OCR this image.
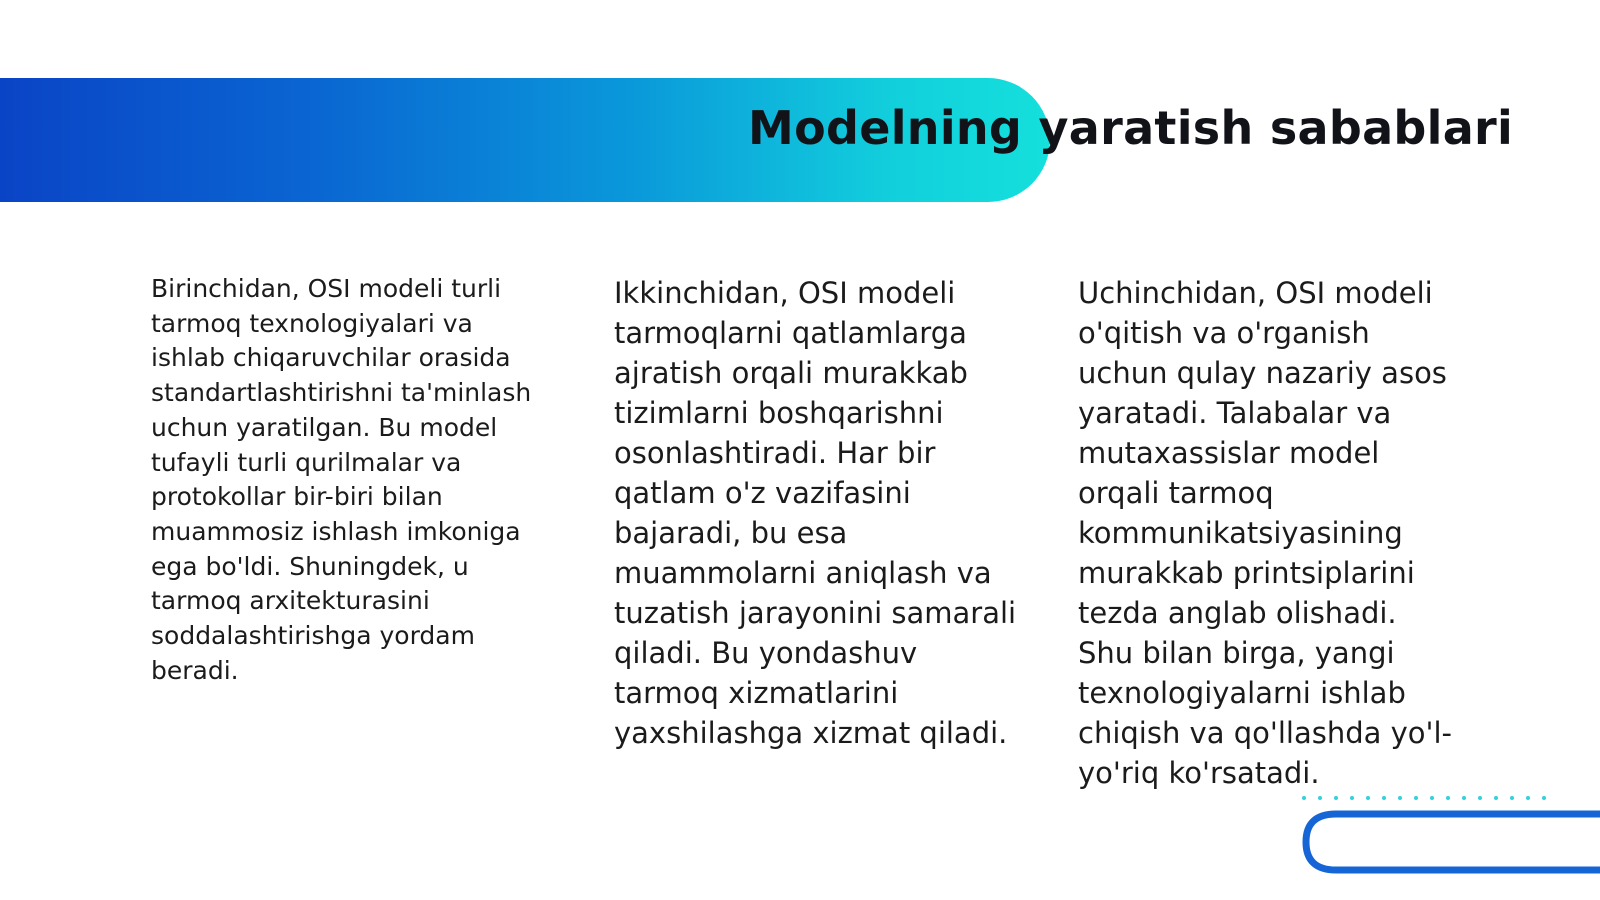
Modelning yaratish sabablari

Birinchidan, OSI modeli turli tarmoq texnologiyalari va ishlab chiqaruvchilar orasida standartlashtirishni ta'minlash uchun yaratilgan. Bu model tufayli turli qurilmalar va protokollar bir-biri bilan muammosiz ishlash imkoniga ega bo'ldi. Shuningdek, u tarmoq arxitekturasini soddalashtirishga yordam beradi.

Ikkinchidan, OSI modeli tarmoqlarni qatlamlarga ajratish orqali murakkab tizimlarni boshqarishni osonlashtiradi. Har bir qatlam o'z vazifasini bajaradi, bu esa muammolarni aniqlash va tuzatish jarayonini samarali qiladi. Bu yondashuv tarmoq xizmatlarini yaxshilashga xizmat qiladi.

Uchinchidan, OSI modeli o'qitish va o'rganish uchun qulay nazariy asos yaratadi. Talabalar va mutaxassislar model orqali tarmoq kommunikatsiyasining murakkab printsiplarini tezda anglab olishadi. Shu bilan birga, yangi texnologiyalarni ishlab chiqish va qo'llashda yo'l-yo'riq ko'rsatadi.
